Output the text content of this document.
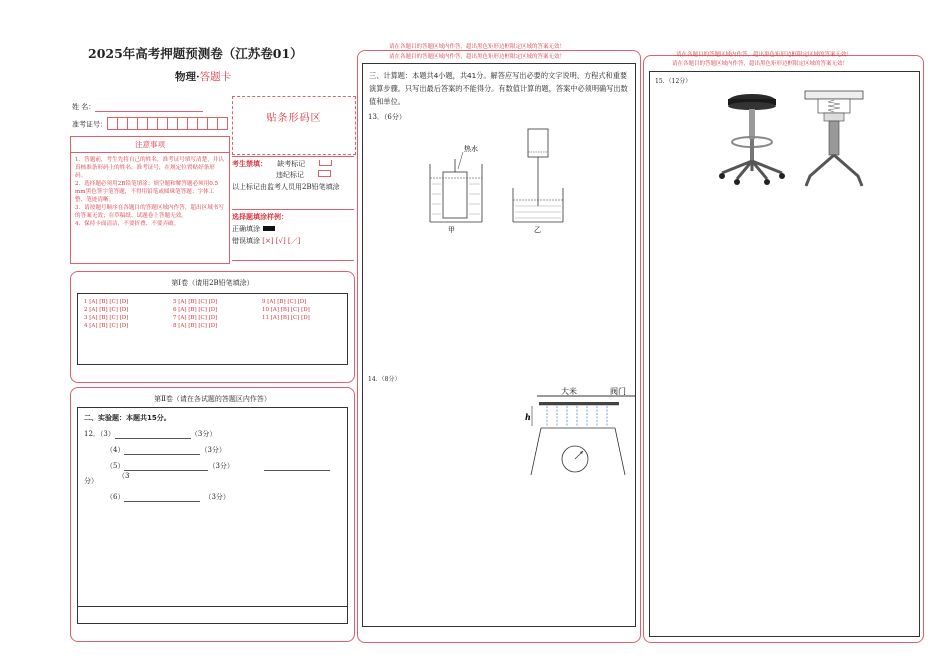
2025年高考押题预测卷（江苏卷01）
物理·答题卡
姓 名：
准考证号：
贴条形码区
注意事项
1．答题前，考生先将自己的姓名，准考证号填写清楚，并认真核准条形码上的姓名、准考证号，在规定位置贴好条形码。
2．选择题必须用2B铅笔填涂；填空题和解答题必须用0.5 mm黑色签字笔答题，不得用铅笔或圆珠笔答题；字体工整、笔迹清晰。
3．请按题号顺序在各题目的答题区域内作答，超出区域书写的答案无效；在草稿纸、试题卷上答题无效。
4．保持卡面清洁，不要折叠、不要弄破。
考生禁填： 缺考标记
违纪标记
以上标记由监考人员用2B铅笔填涂
选择题填涂样例：
正确填涂
错误填涂 [×] [√] [／]
第Ⅰ卷（请用2B铅笔填涂）
1 [A] [B] [C] [D]
2 [A] [B] [C] [D]
3 [A] [B] [C] [D]
4 [A] [B] [C] [D]
5 [A] [B] [C] [D]
6 [A] [B] [C] [D]
7 [A] [B] [C] [D]
8 [A] [B] [C] [D]
9 [A] [B] [C] [D]
10 [A] [B] [C] [D]
11 [A] [B] [C] [D]
第Ⅱ卷（请在各试题的答题区内作答）
二、实验题：本题共15分。
12．（3）	（3分）
（4）	（3分）
（5）	（3分） （3
分）
（6）	（3分）
请在各题目的答题区域内作答，超出黑色矩形边框限定区域的答案无效！
请在各题目的答题区域内作答，超出黑色矩形边框限定区域的答案无效！
三、计算题：本题共4小题，共41分。解答应写出必要的文字说明、方程式和重要演算步骤。只写出最后答案的不能得分。有数值计算的题，答案中必须明确写出数值和单位。
13．（6分）
热水
甲	乙
14．（8分）
大米	阀门
h
请在各题目的答题区域内作答，超出黑色矩形边框限定区域的答案无效！
请在各题目的答题区域内作答，超出黑色矩形边框限定区域的答案无效！
15．（12分）
